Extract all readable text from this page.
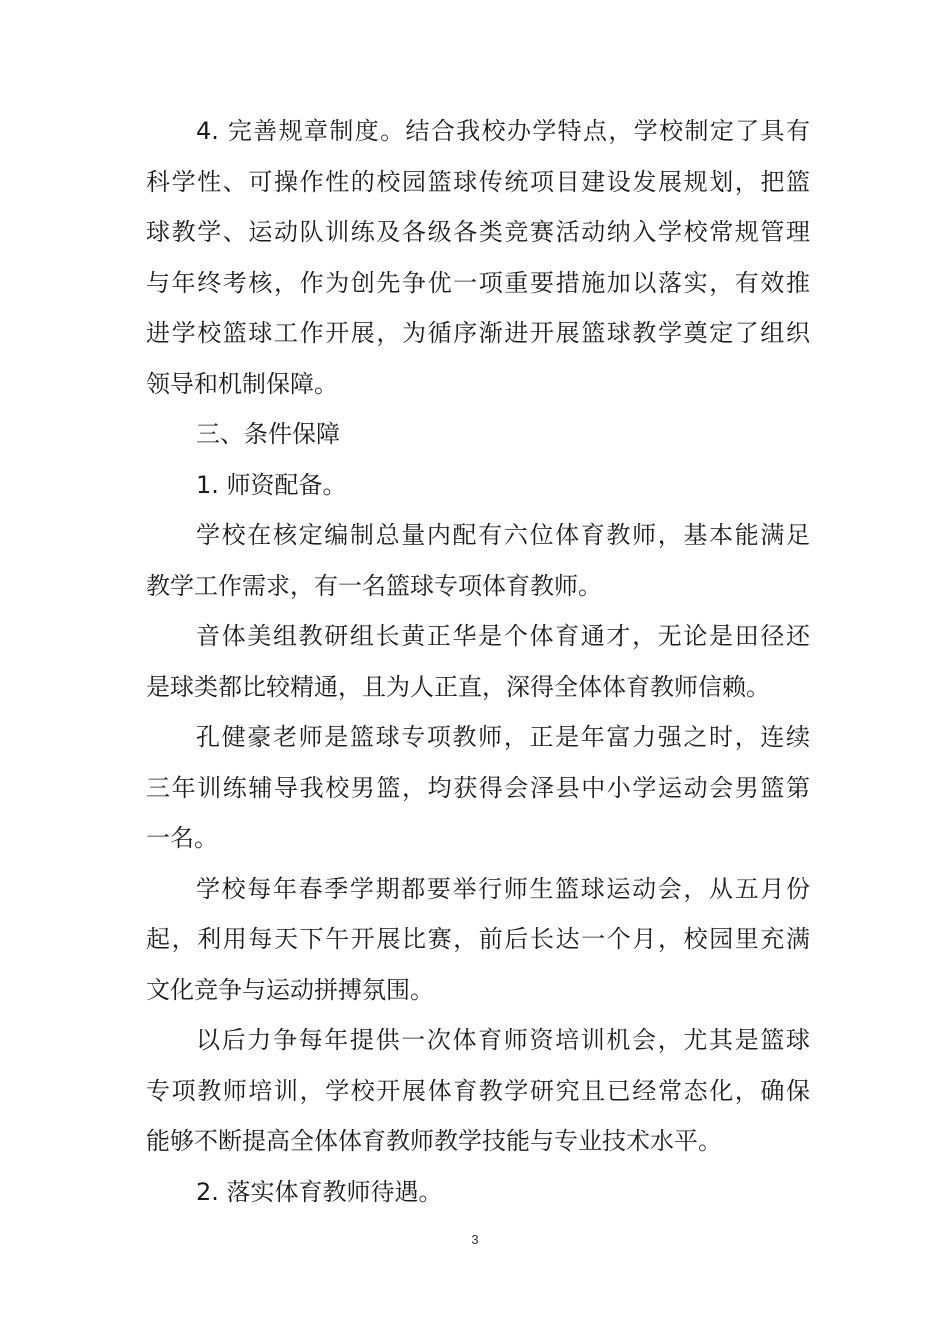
4. 完善规章制度。结合我校办学特点，学校制定了具有
科学性、可操作性的校园篮球传统项目建设发展规划，把篮
球教学、运动队训练及各级各类竞赛活动纳入学校常规管理
与年终考核，作为创先争优一项重要措施加以落实，有效推
进学校篮球工作开展，为循序渐进开展篮球教学奠定了组织
领导和机制保障。
三、条件保障
1. 师资配备。
学校在核定编制总量内配有六位体育教师，基本能满足
教学工作需求，有一名篮球专项体育教师。
音体美组教研组长黄正华是个体育通才，无论是田径还
是球类都比较精通，且为人正直，深得全体体育教师信赖。
孔健豪老师是篮球专项教师，正是年富力强之时，连续
三年训练辅导我校男篮，均获得会泽县中小学运动会男篮第
一名。
学校每年春季学期都要举行师生篮球运动会，从五月份
起，利用每天下午开展比赛，前后长达一个月，校园里充满
文化竞争与运动拼搏氛围。
以后力争每年提供一次体育师资培训机会，尤其是篮球
专项教师培训，学校开展体育教学研究且已经常态化，确保
能够不断提高全体体育教师教学技能与专业技术水平。
2. 落实体育教师待遇。
3
